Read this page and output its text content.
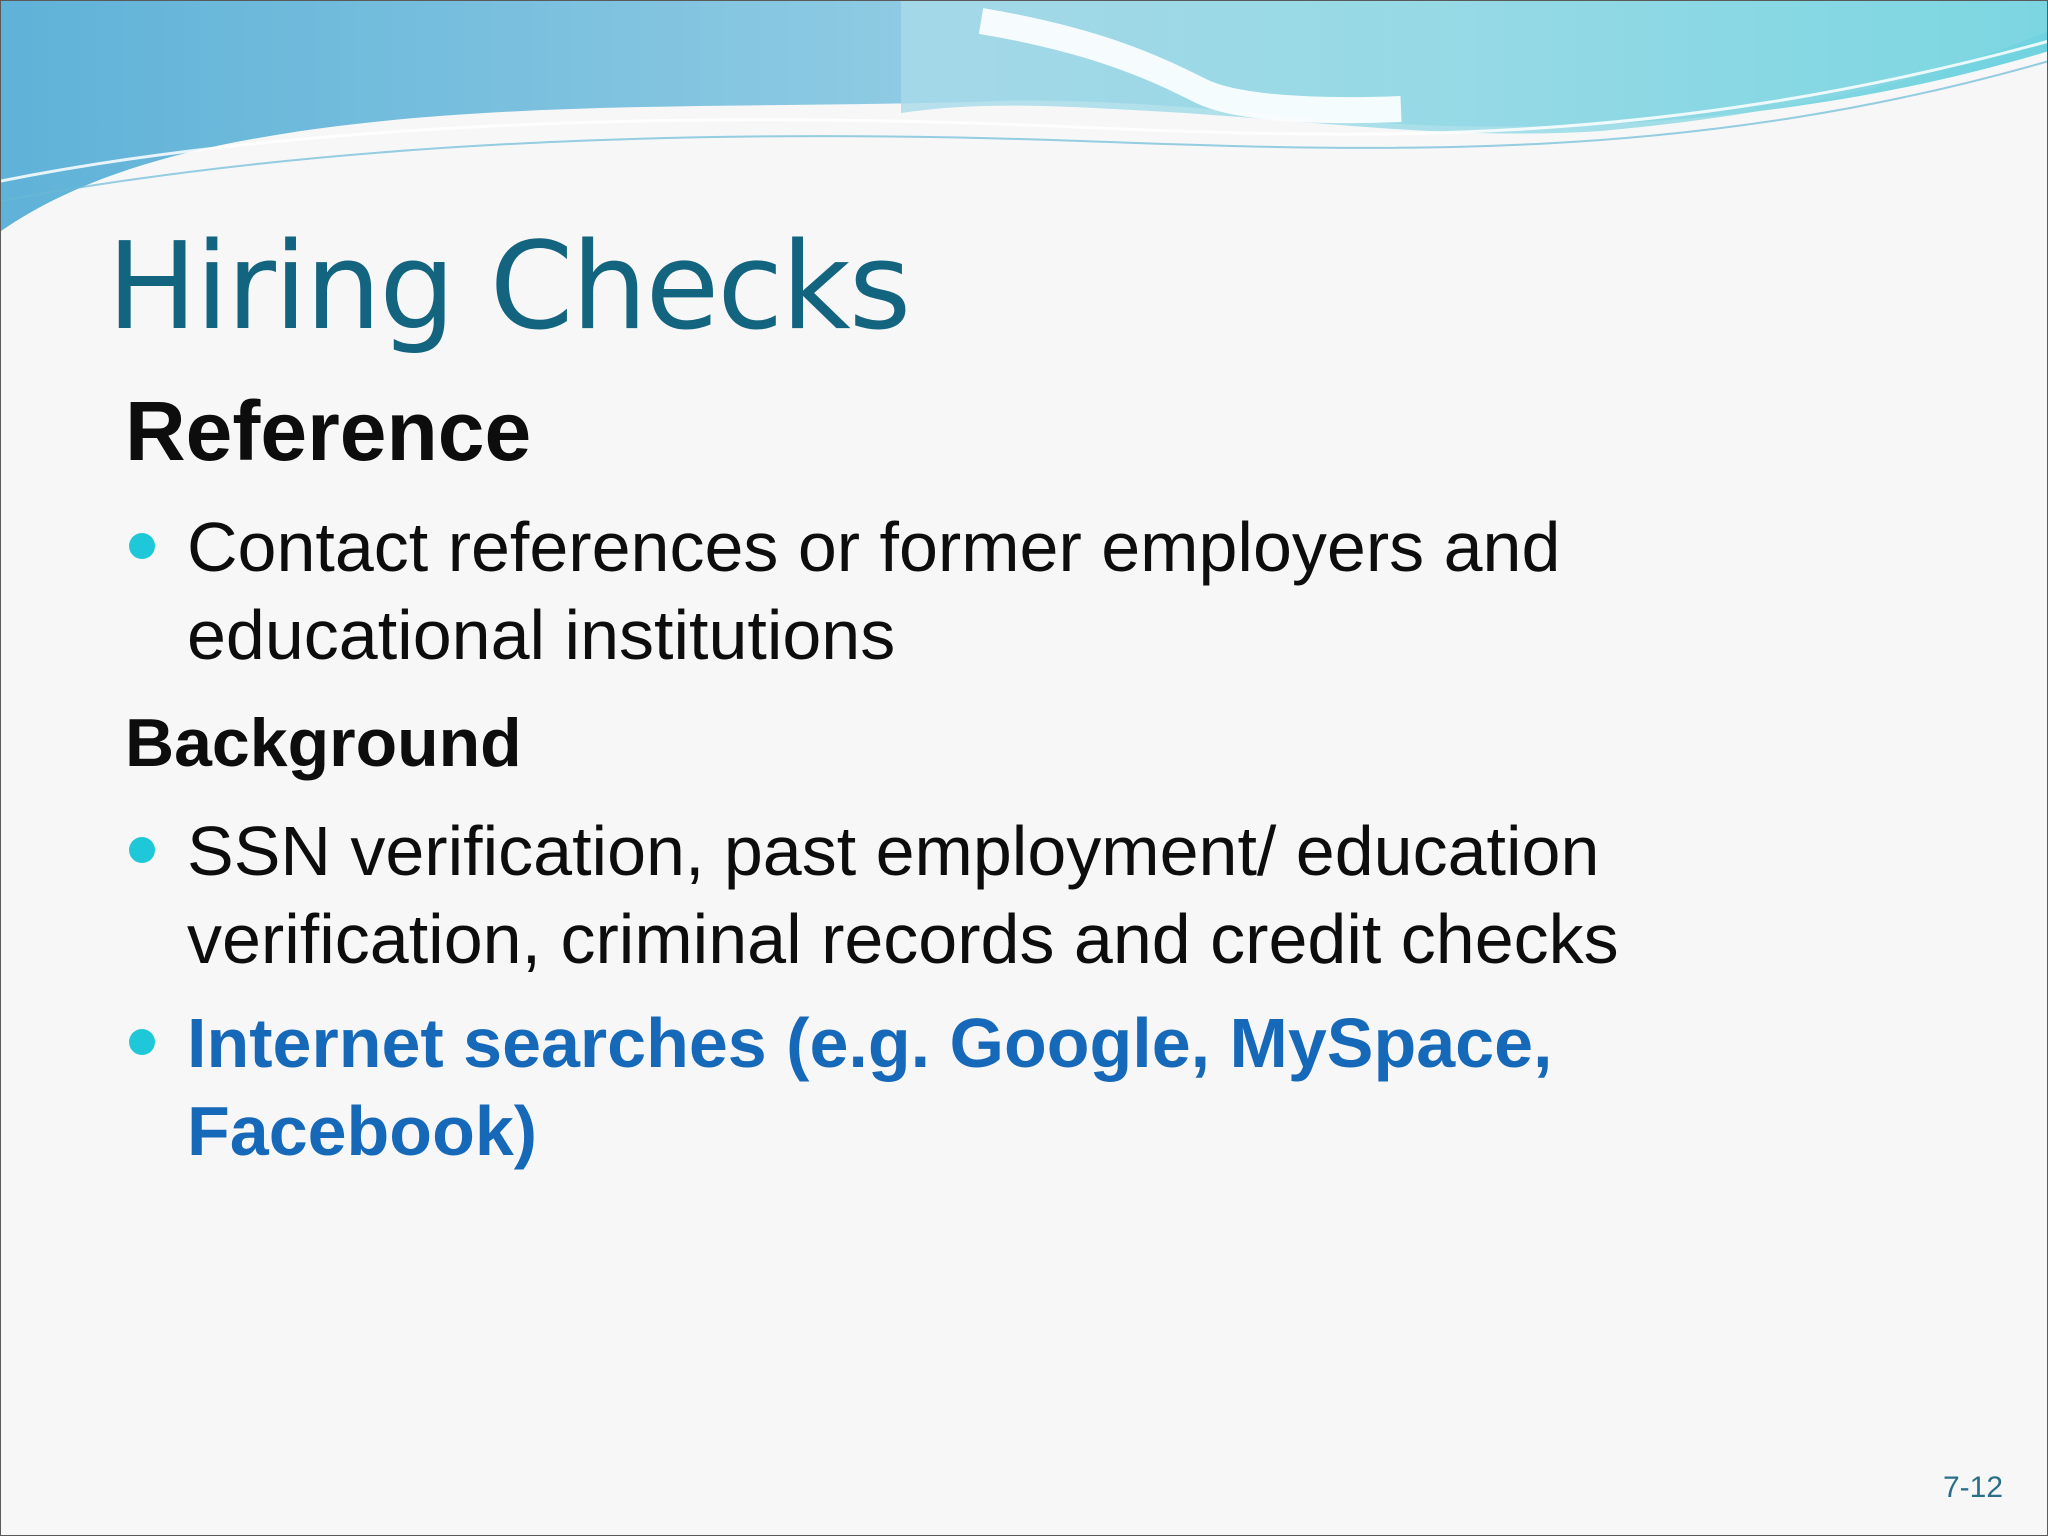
Hiring Checks
Reference
Contact references or former employers and
educational institutions
Background
SSN verification, past employment/ education
verification, criminal records and credit checks
Internet searches (e.g. Google, MySpace,
Facebook)
7-12
